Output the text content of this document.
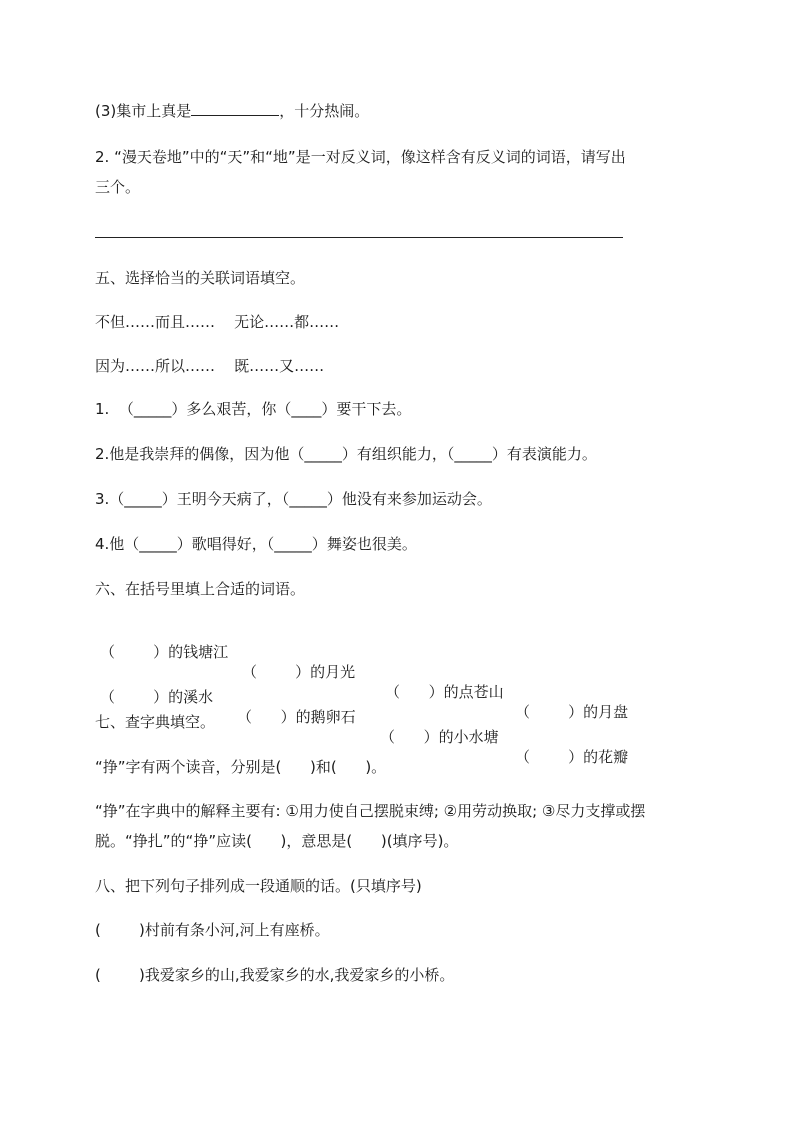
(3)集市上真是	，十分热闹。
2. “漫天卷地”中的“天”和“地”是一对反义词，像这样含有反义词的词语，请写出
三个。
五、选择恰当的关联词语填空。
不但……而且……    无论……都……
因为……所以……    既……又……
1.  （_____）多么艰苦，你（____）要干下去。
2.他是我崇拜的偶像，因为他（_____）有组织能力，（_____）有表演能力。
3.（_____）王明今天病了，（_____）他没有来参加运动会。
4.他（_____）歌唱得好，（_____）舞姿也很美。
六、在括号里填上合适的词语。

（        ）的钱塘江

（        ）的月光

（      ）的点苍山

（        ）的月盘

（        ）的溪水

（      ）的鹅卵石

（      ）的小水塘

（        ）的花瓣

七、查字典填空。
“挣”字有两个读音，分别是(      )和(      )。
“挣”在字典中的解释主要有: ①用力使自己摆脱束缚; ②用劳动换取; ③尽力支撑或摆
脱。“挣扎”的“挣”应读(      )，意思是(      )(填序号)。
八、把下列句子排列成一段通顺的话。(只填序号)
(        )村前有条小河,河上有座桥。
(        )我爱家乡的山,我爱家乡的水,我爱家乡的小桥。
